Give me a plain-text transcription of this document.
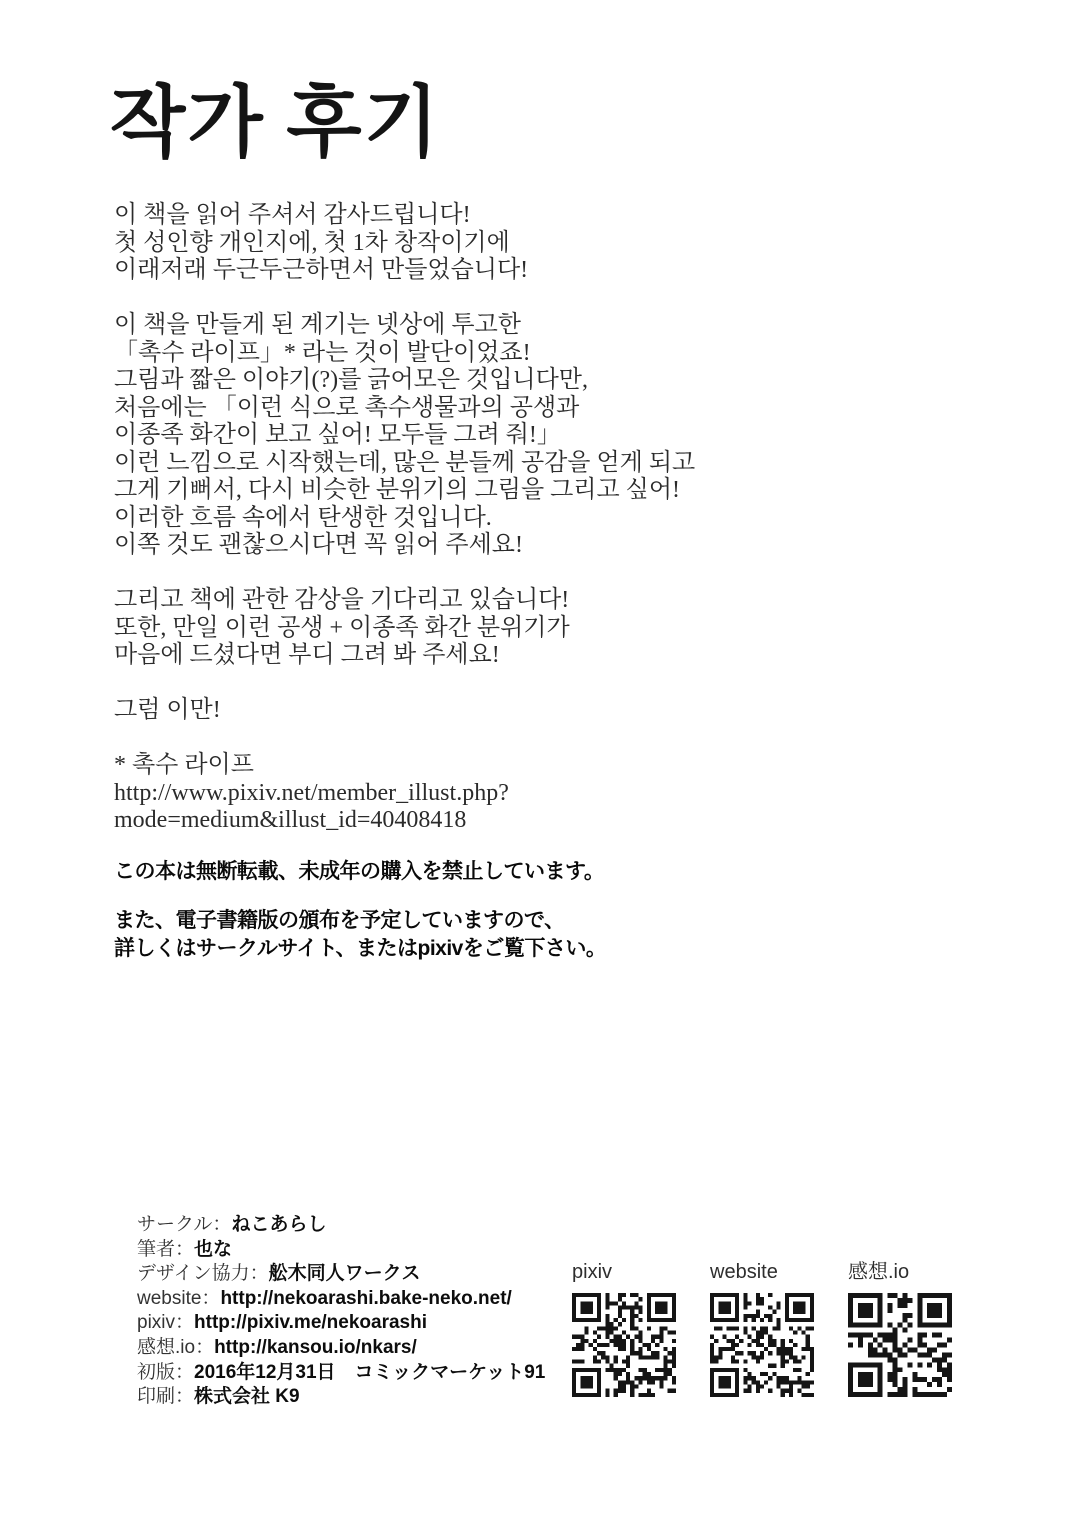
작가 후기

이 책을 읽어 주셔서 감사드립니다!
첫 성인향 개인지에, 첫 1차 창작이기에
이래저래 두근두근하면서 만들었습니다!

이 책을 만들게 된 계기는 넷상에 투고한
「촉수 라이프」* 라는 것이 발단이었죠!
그림과 짧은 이야기(?)를 긁어모은 것입니다만,
처음에는 「이런 식으로 촉수생물과의 공생과
이종족 화간이 보고 싶어! 모두들 그려 줘!」
이런 느낌으로 시작했는데, 많은 분들께 공감을 얻게 되고
그게 기뻐서, 다시 비슷한 분위기의 그림을 그리고 싶어!
이러한 흐름 속에서 탄생한 것입니다.
이쪽 것도 괜찮으시다면 꼭 읽어 주세요!

그리고 책에 관한 감상을 기다리고 있습니다!
또한, 만일 이런 공생 + 이종족 화간 분위기가
마음에 드셨다면 부디 그려 봐 주세요!

그럼 이만!

* 촉수 라이프
http://www.pixiv.net/member_illust.php?
mode=medium&illust_id=40408418

この本は無断転載、未成年の購入を禁止しています。

また、電子書籍版の頒布を予定していますので、
詳しくはサークルサイト、またはpixivをご覧下さい。

サークル：ねこあらし
筆者：也な
デザイン協力：舩木同人ワークス
website：http://nekoarashi.bake-neko.net/
pixiv：http://pixiv.me/nekoarashi
感想.io：http://kansou.io/nkars/
初版：2016年12月31日　コミックマーケット91
印刷：株式会社 K9
pixiv	website	感想.io
